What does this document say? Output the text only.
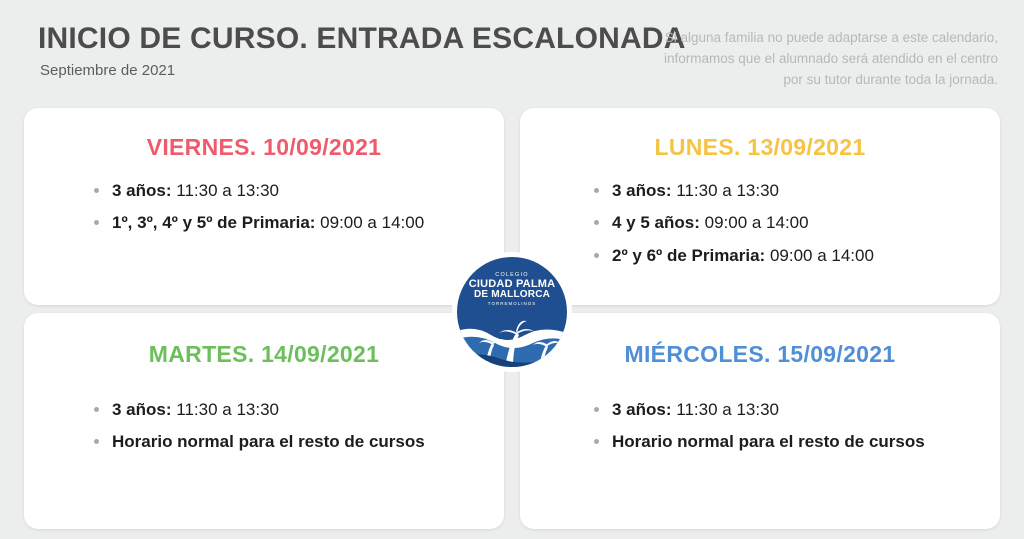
INICIO DE CURSO. ENTRADA ESCALONADA
Septiembre de 2021
Si alguna familia no puede adaptarse a este calendario, informamos que el alumnado será atendido en el centro por su tutor durante toda la jornada.
VIERNES. 10/09/2021
3 años: 11:30 a 13:30
1º, 3º, 4º y 5º de Primaria: 09:00 a 14:00
LUNES. 13/09/2021
3 años: 11:30 a 13:30
4 y 5 años: 09:00 a 14:00
2º y 6º de Primaria: 09:00 a 14:00
MARTES. 14/09/2021
3 años: 11:30 a 13:30
Horario normal para el resto de cursos
MIÉRCOLES. 15/09/2021
3 años: 11:30 a 13:30
Horario normal para el resto de cursos
COLEGIO
CIUDAD PALMA
DE MALLORCA
TORREMOLINOS
